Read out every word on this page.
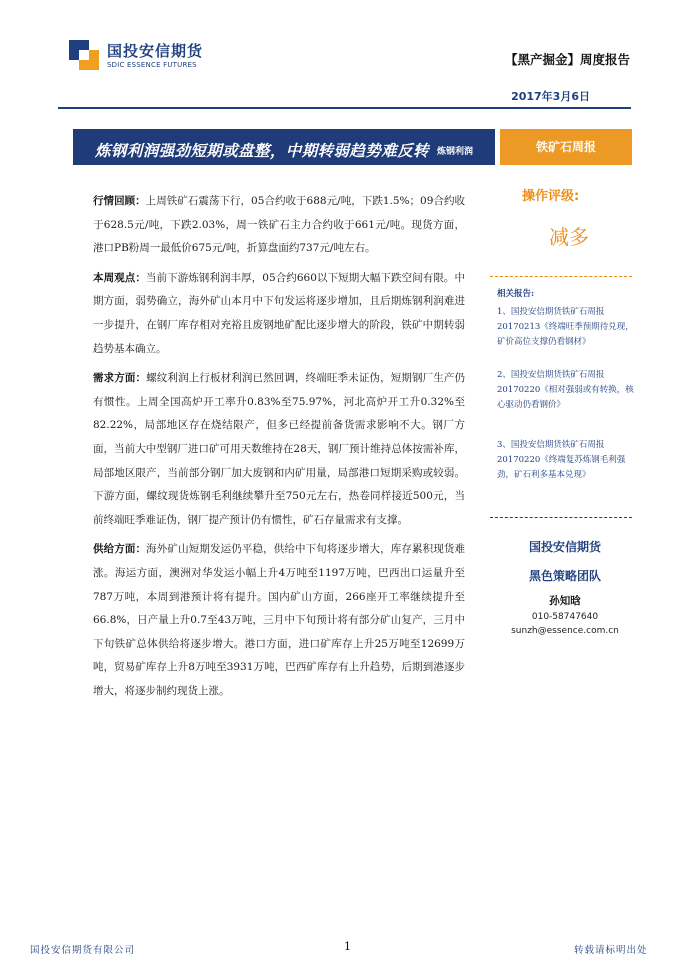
国投安信期货
SDIC ESSENCE FUTURES	【黑产掘金】周度报告
2017年3月6日
炼钢利润强劲短期或盘整，中期转弱趋势难反转 炼钢利润	铁矿石周报
操作评级:
减多
相关报告:
1、国投安信期货铁矿石周报 20170213《终端旺季预期待兑现，矿价高位支撑仍看钢材》
2、国投安信期货铁矿石周报 20170220《相对强弱或有转换，核心驱动仍看钢价》
3、国投安信期货铁矿石周报 20170220《终端复苏炼钢毛利强劲，矿石利多基本兑现》
国投安信期货
黑色策略团队
孙知晗
010-58747640
sunzh@essence.com.cn

行情回顾：上周铁矿石震荡下行，05合约收于688元/吨，下跌1.5%；09合约收于628.5元/吨，下跌2.03%，周一铁矿石主力合约收于661元/吨。现货方面，港口PB粉周一最低价675元/吨，折算盘面约737元/吨左右。

本周观点：当前下游炼钢利润丰厚，05合约660以下短期大幅下跌空间有限。中期方面，弱势确立，海外矿山本月中下旬发运将逐步增加，且后期炼钢利润难进一步提升，在钢厂库存相对充裕且废钢地矿配比逐步增大的阶段，铁矿中期转弱趋势基本确立。

需求方面：螺纹利润上行板材利润已然回调，终端旺季未证伪，短期钢厂生产仍有惯性。上周全国高炉开工率升0.83%至75.97%，河北高炉开工升0.32%至82.22%，局部地区存在烧结限产，但多已经提前备货需求影响不大。钢厂方面，当前大中型钢厂进口矿可用天数维持在28天，钢厂预计维持总体按需补库，局部地区限产，当前部分钢厂加大废钢和内矿用量，局部港口短期采购或较弱。下游方面，螺纹现货炼钢毛利继续攀升至750元左右，热卷同样接近500元，当前终端旺季难证伪，钢厂提产预计仍有惯性，矿石存量需求有支撑。

供给方面：海外矿山短期发运仍平稳，供给中下旬将逐步增大，库存累积现货难涨。海运方面，澳洲对华发运小幅上升4万吨至1197万吨，巴西出口运量升至787万吨，本周到港预计将有提升。国内矿山方面，266座开工率继续提升至66.8%，日产量上升0.7至43万吨，三月中下旬预计将有部分矿山复产，三月中下旬铁矿总体供给将逐步增大。港口方面，进口矿库存上升25万吨至12699万吨，贸易矿库存上升8万吨至3931万吨，巴西矿库存有上升趋势，后期到港逐步增大，将逐步制约现货上涨。

国投安信期货有限公司	1	转载请标明出处
